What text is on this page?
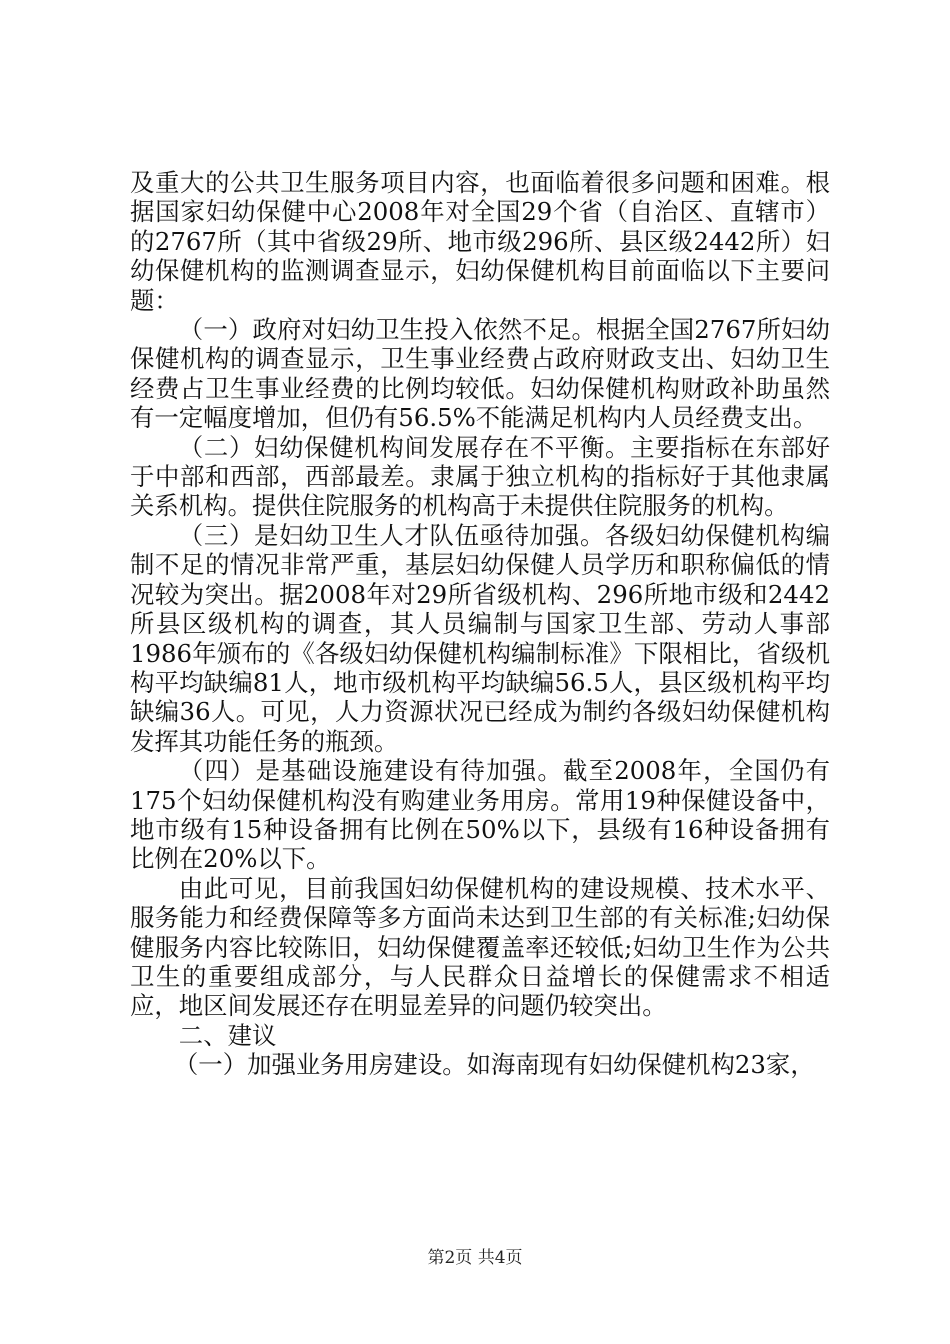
及重大的公共卫生服务项目内容，也面临着很多问题和困难。根据国家妇幼保健中心2008年对全国29个省（自治区、直辖市）的2767所（其中省级29所、地市级296所、县区级2442所）妇幼保健机构的监测调查显示，妇幼保健机构目前面临以下主要问题：

（一）政府对妇幼卫生投入依然不足。根据全国2767所妇幼保健机构的调查显示，卫生事业经费占政府财政支出、妇幼卫生经费占卫生事业经费的比例均较低。妇幼保健机构财政补助虽然有一定幅度增加，但仍有56.5%不能满足机构内人员经费支出。

（二）妇幼保健机构间发展存在不平衡。主要指标在东部好于中部和西部，西部最差。隶属于独立机构的指标好于其他隶属关系机构。提供住院服务的机构高于未提供住院服务的机构。

（三）是妇幼卫生人才队伍亟待加强。各级妇幼保健机构编制不足的情况非常严重，基层妇幼保健人员学历和职称偏低的情况较为突出。据2008年对29所省级机构、296所地市级和2442所县区级机构的调查，其人员编制与国家卫生部、劳动人事部1986年颁布的《各级妇幼保健机构编制标准》下限相比，省级机构平均缺编81人，地市级机构平均缺编56.5人，县区级机构平均缺编36人。可见，人力资源状况已经成为制约各级妇幼保健机构发挥其功能任务的瓶颈。

（四）是基础设施建设有待加强。截至2008年，全国仍有175个妇幼保健机构没有购建业务用房。常用19种保健设备中，地市级有15种设备拥有比例在50%以下，县级有16种设备拥有比例在20%以下。

由此可见，目前我国妇幼保健机构的建设规模、技术水平、服务能力和经费保障等多方面尚未达到卫生部的有关标准;妇幼保健服务内容比较陈旧，妇幼保健覆盖率还较低;妇幼卫生作为公共卫生的重要组成部分，与人民群众日益增长的保健需求不相适应，地区间发展还存在明显差异的问题仍较突出。

二、建议

（一）加强业务用房建设。如海南现有妇幼保健机构23家，

第2页 共4页
